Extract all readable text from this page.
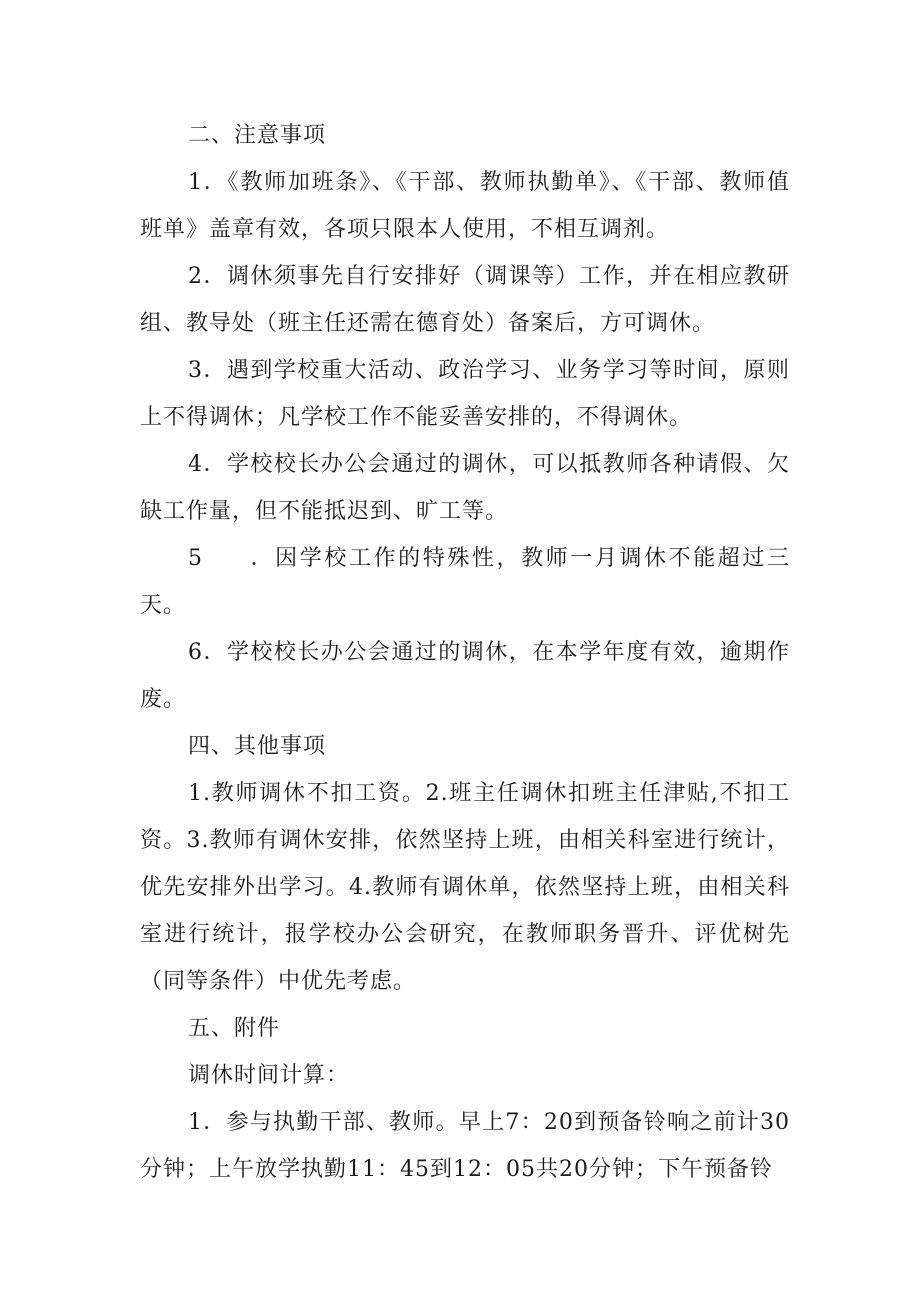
二、注意事项

1．《教师加班条》、《干部、教师执勤单》、《干部、教师值班单》盖章有效，各项只限本人使用，不相互调剂。

2．调休须事先自行安排好（调课等）工作，并在相应教研组、教导处（班主任还需在德育处）备案后，方可调休。

3．遇到学校重大活动、政治学习、业务学习等时间，原则上不得调休；凡学校工作不能妥善安排的，不得调休。

4．学校校长办公会通过的调休，可以抵教师各种请假、欠缺工作量，但不能抵迟到、旷工等。

5 ．因学校工作的特殊性，教师一月调休不能超过三天。

6．学校校长办公会通过的调休，在本学年度有效，逾期作废。

四、其他事项

1.教师调休不扣工资。2.班主任调休扣班主任津贴,不扣工资。3.教师有调休安排，依然坚持上班，由相关科室进行统计，优先安排外出学习。4.教师有调休单，依然坚持上班，由相关科室进行统计，报学校办公会研究，在教师职务晋升、评优树先（同等条件）中优先考虑。

五、附件

调休时间计算：

1．参与执勤干部、教师。早上7：20到预备铃响之前计30分钟；上午放学执勤11：45到12：05共20分钟；下午预备铃
